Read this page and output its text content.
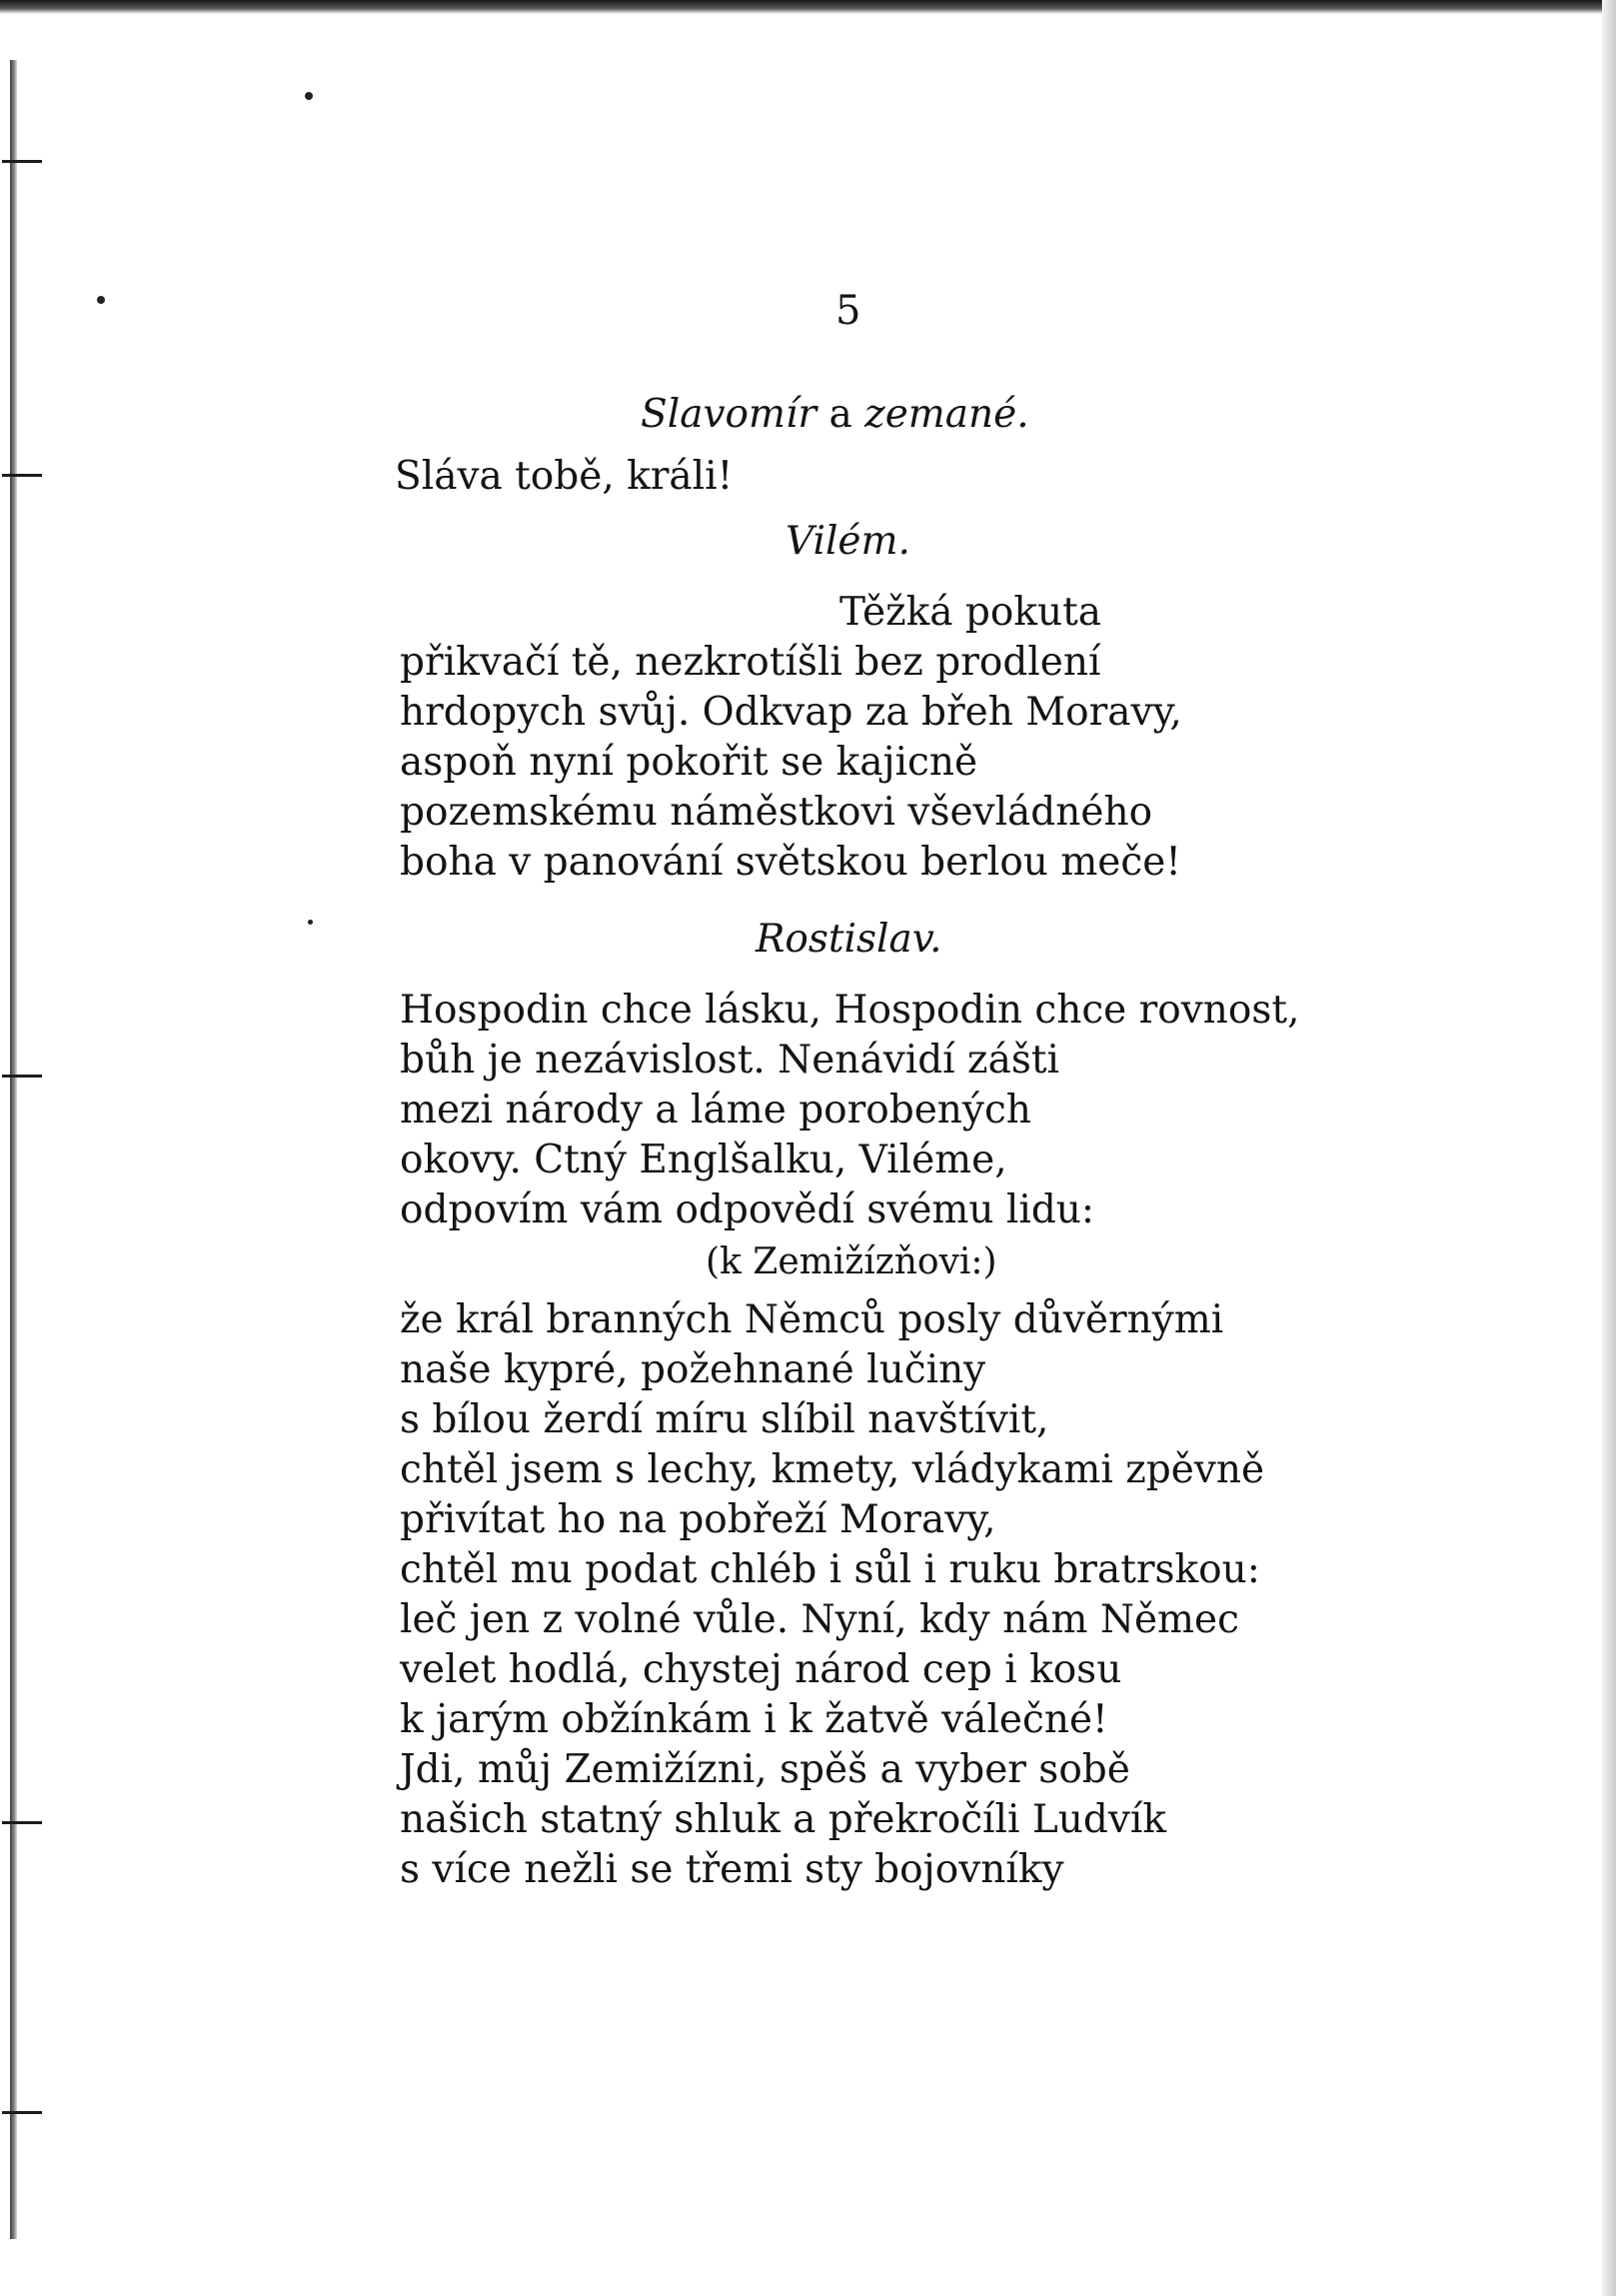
5
Slavomír a zemané.
Sláva tobě, králi!
Vilém.
Těžká pokuta
přikvačí tě, nezkrotíšli bez prodlení
hrdopych svůj. Odkvap za břeh Moravy,
aspoň nyní pokořit se kajicně
pozemskému náměstkovi vševládného
boha v panování světskou berlou meče!
Rostislav.
Hospodin chce lásku, Hospodin chce rovnost,
bůh je nezávislost. Nenávidí zášti
mezi národy a láme porobených
okovy. Ctný Englšalku, Viléme,
odpovím vám odpovědí svému lidu:
(k Zemižízňovi:)
že král branných Němců posly důvěrnými
naše kypré, požehnané lučiny
s bílou žerdí míru slíbil navštívit,
chtěl jsem s lechy, kmety, vládykami zpěvně
přivítat ho na pobřeží Moravy,
chtěl mu podat chléb i sůl i ruku bratrskou:
leč jen z volné vůle. Nyní, kdy nám Němec
velet hodlá, chystej národ cep i kosu
k jarým obžínkám i k žatvě válečné!
Jdi, můj Zemižízni, spěš a vyber sobě
našich statný shluk a překročíli Ludvík
s více nežli se třemi sty bojovníky
